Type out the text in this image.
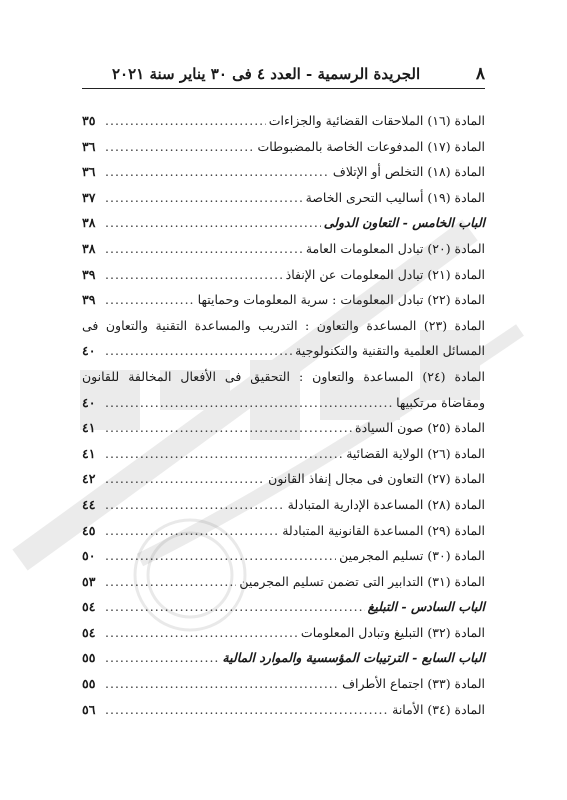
٨
الجريدة الرسمية - العدد ٤ فى ٣٠ يناير سنة ٢٠٢١
المادة (١٦) الملاحقات القضائية والجزاءات
.....
٣٥
المادة (١٧) المدفوعات الخاصة بالمضبوطات
.....
٣٦
المادة (١٨) التخلص أو الإتلاف
.....
٣٦
المادة (١٩) أساليب التحرى الخاصة
.....
٣٧
الباب الخامس - التعاون الدولى
.....
٣٨
المادة (٢٠) تبادل المعلومات العامة
.....
٣٨
المادة (٢١) تبادل المعلومات عن الإنفاذ
.....
٣٩
المادة (٢٢) تبادل المعلومات : سرية المعلومات وحمايتها
.....
٣٩
المادة (٢٣) المساعدة والتعاون : التدريب والمساعدة التقنية والتعاون فى
المسائل العلمية والتقنية والتكنولوجية
.....
٤٠
المادة (٢٤) المساعدة والتعاون : التحقيق فى الأفعال المخالفة للقانون
ومقاضاة مرتكبيها
.....
٤٠
المادة (٢٥) صون السيادة
.....
٤١
المادة (٢٦) الولاية القضائية
.....
٤١
المادة (٢٧) التعاون فى مجال إنفاذ القانون
.....
٤٢
المادة (٢٨) المساعدة الإدارية المتبادلة
.....
٤٤
المادة (٢٩) المساعدة القانونية المتبادلة
.....
٤٥
المادة (٣٠) تسليم المجرمين
.....
٥٠
المادة (٣١) التدابير التى تضمن تسليم المجرمين
.....
٥٣
الباب السادس - التبليغ
.....
٥٤
المادة (٣٢) التبليغ وتبادل المعلومات
.....
٥٤
الباب السابع - الترتيبات المؤسسية والموارد المالية
.....
٥٥
المادة (٣٣) اجتماع الأطراف
.....
٥٥
المادة (٣٤) الأمانة
.....
٥٦
